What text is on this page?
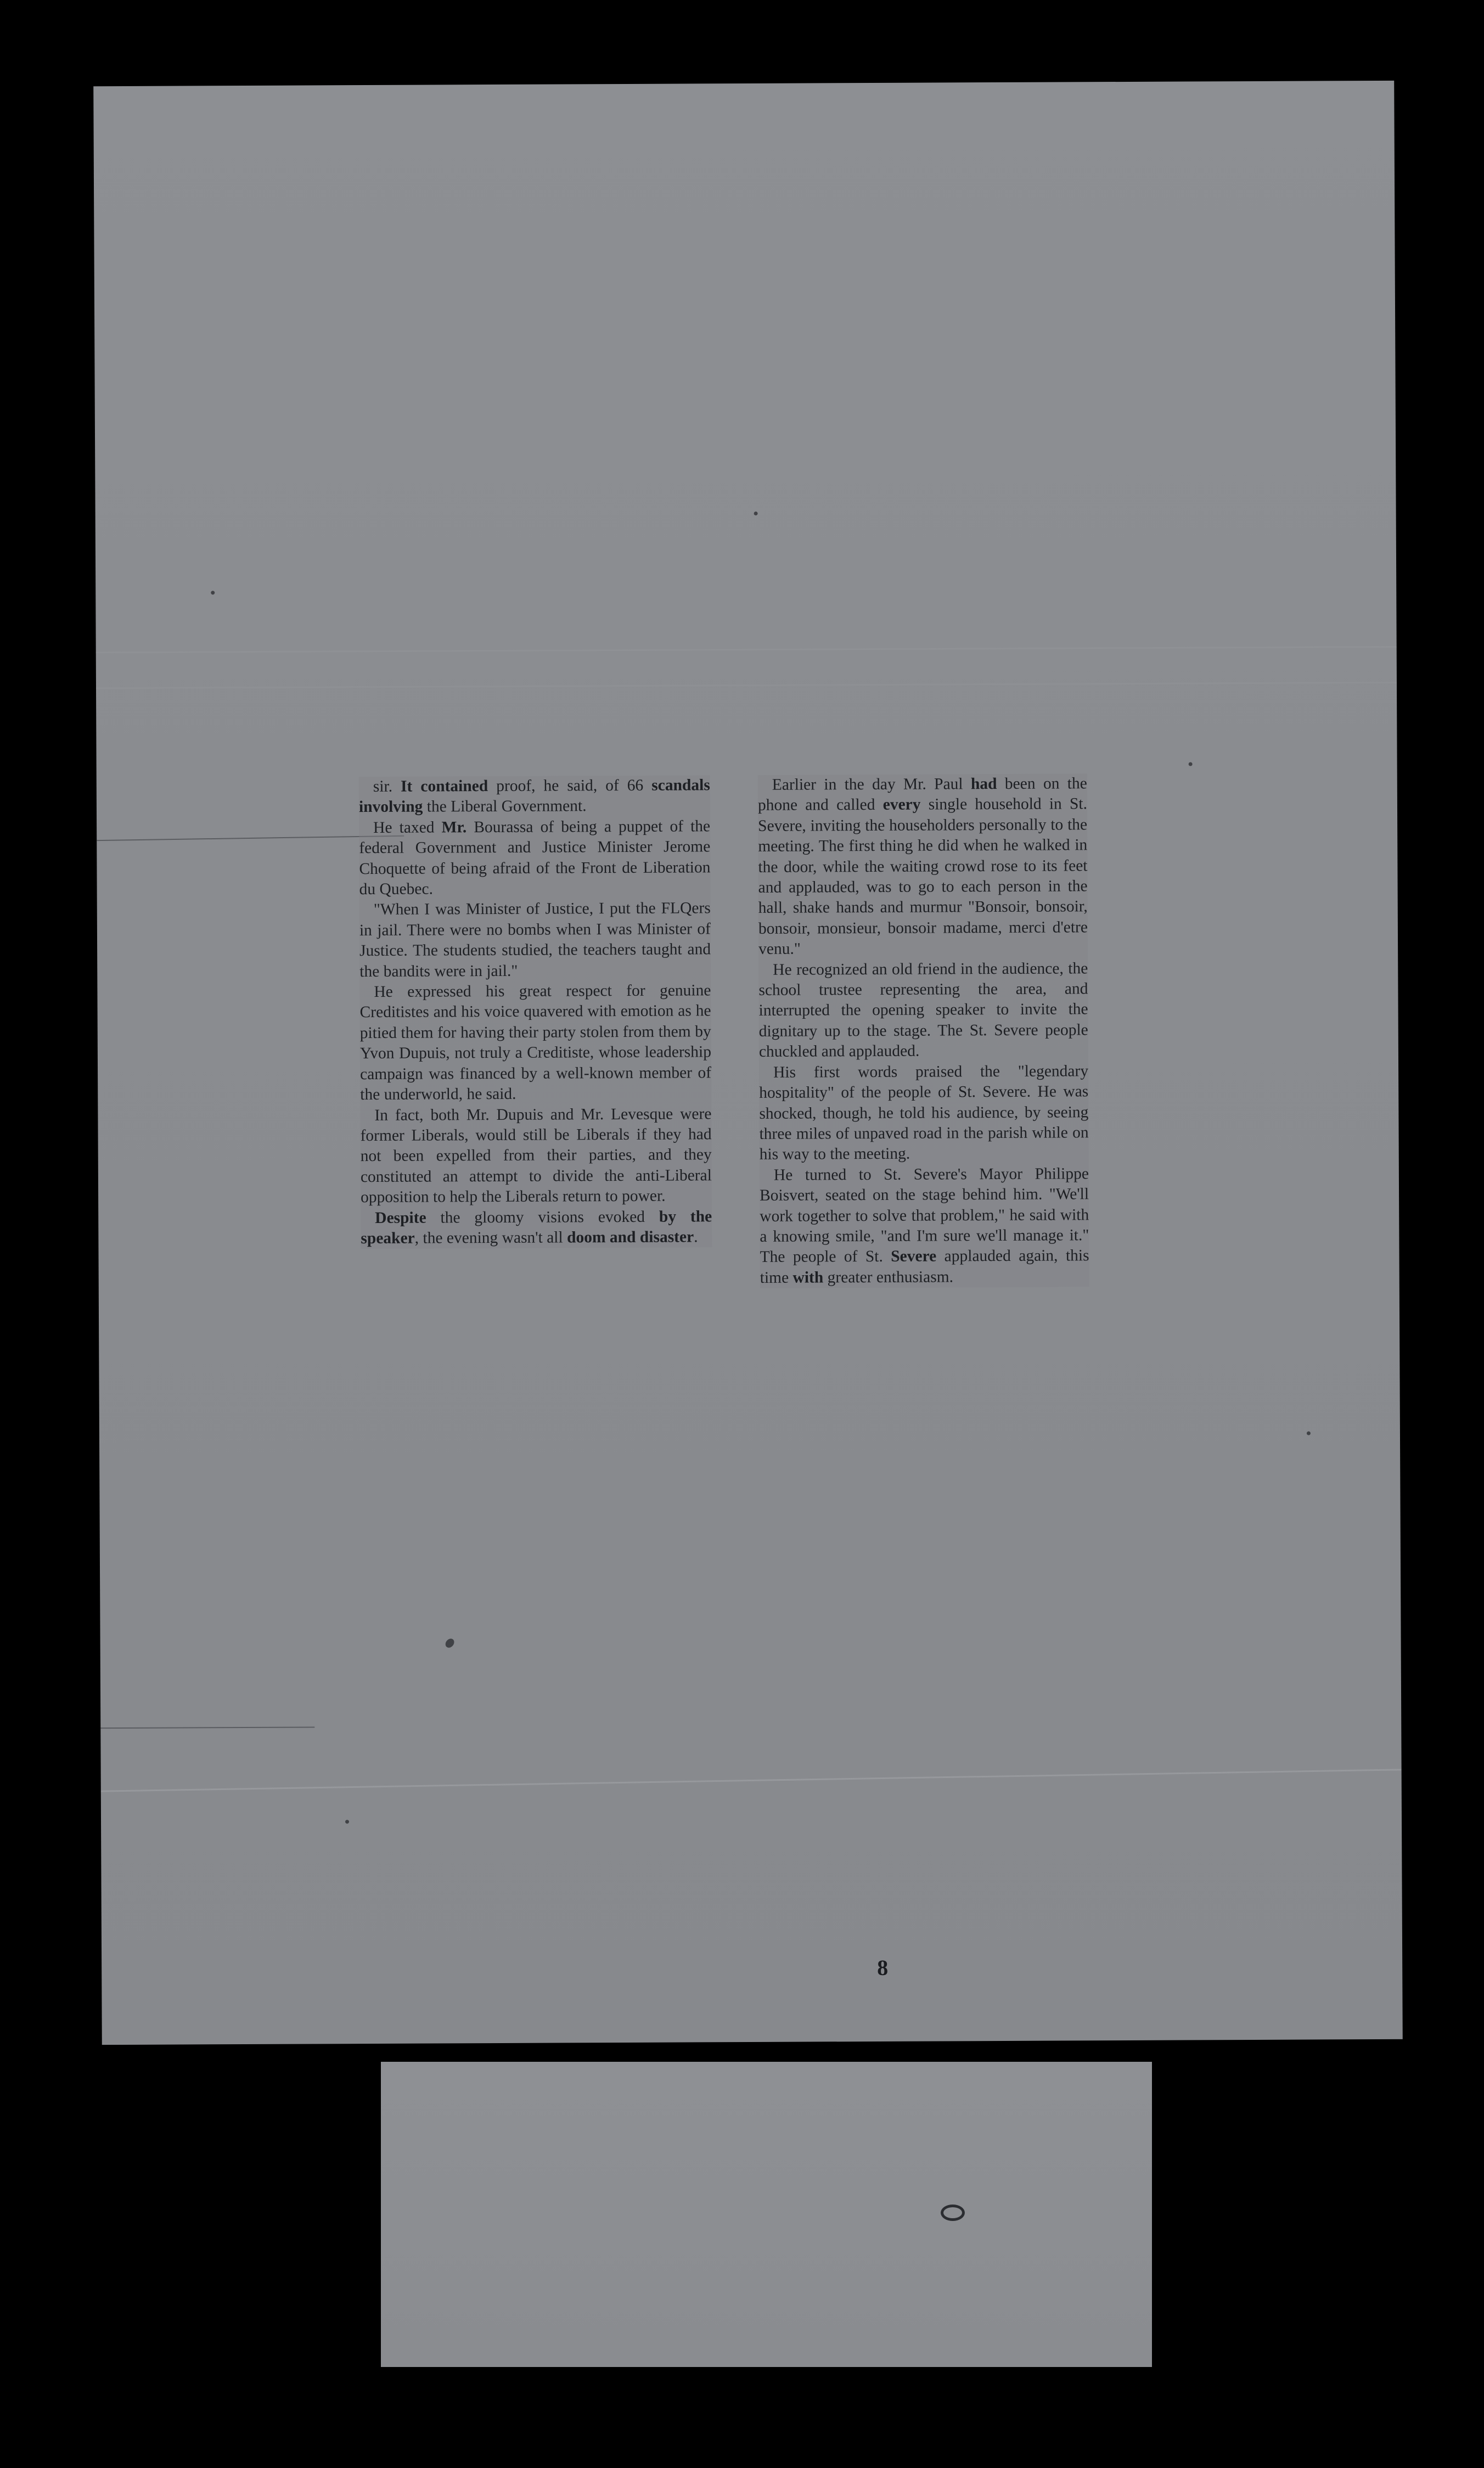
sir. It contained proof, he said, of 66 scandals involving the Liberal Government.

He taxed Mr. Bourassa of being a puppet of the federal Government and Justice Minister Jerome Choquette of being afraid of the Front de Liberation du Quebec.

"When I was Minister of Justice, I put the FLQers in jail. There were no bombs when I was Minister of Justice. The students studied, the teachers taught and the bandits were in jail."

He expressed his great respect for genuine Creditistes and his voice quavered with emotion as he pitied them for having their party stolen from them by Yvon Dupuis, not truly a Creditiste, whose leadership campaign was financed by a well-known member of the underworld, he said.

In fact, both Mr. Dupuis and Mr. Levesque were former Liberals, would still be Liberals if they had not been expelled from their parties, and they constituted an attempt to divide the anti-Liberal opposition to help the Liberals return to power.

Despite the gloomy visions evoked by the speaker, the evening wasn't all doom and disaster.

Earlier in the day Mr. Paul had been on the phone and called every single household in St. Severe, inviting the householders personally to the meeting. The first thing he did when he walked in the door, while the waiting crowd rose to its feet and applauded, was to go to each person in the hall, shake hands and murmur "Bonsoir, bonsoir, bonsoir, monsieur, bonsoir madame, merci d'etre venu."

He recognized an old friend in the audience, the school trustee representing the area, and interrupted the opening speaker to invite the dignitary up to the stage. The St. Severe people chuckled and applauded.

His first words praised the "legendary hospitality" of the people of St. Severe. He was shocked, though, he told his audience, by seeing three miles of unpaved road in the parish while on his way to the meeting.

He turned to St. Severe's Mayor Philippe Boisvert, seated on the stage behind him. "We'll work together to solve that problem," he said with a knowing smile, "and I'm sure we'll manage it." The people of St. Severe applauded again, this time with greater enthusiasm.

8
